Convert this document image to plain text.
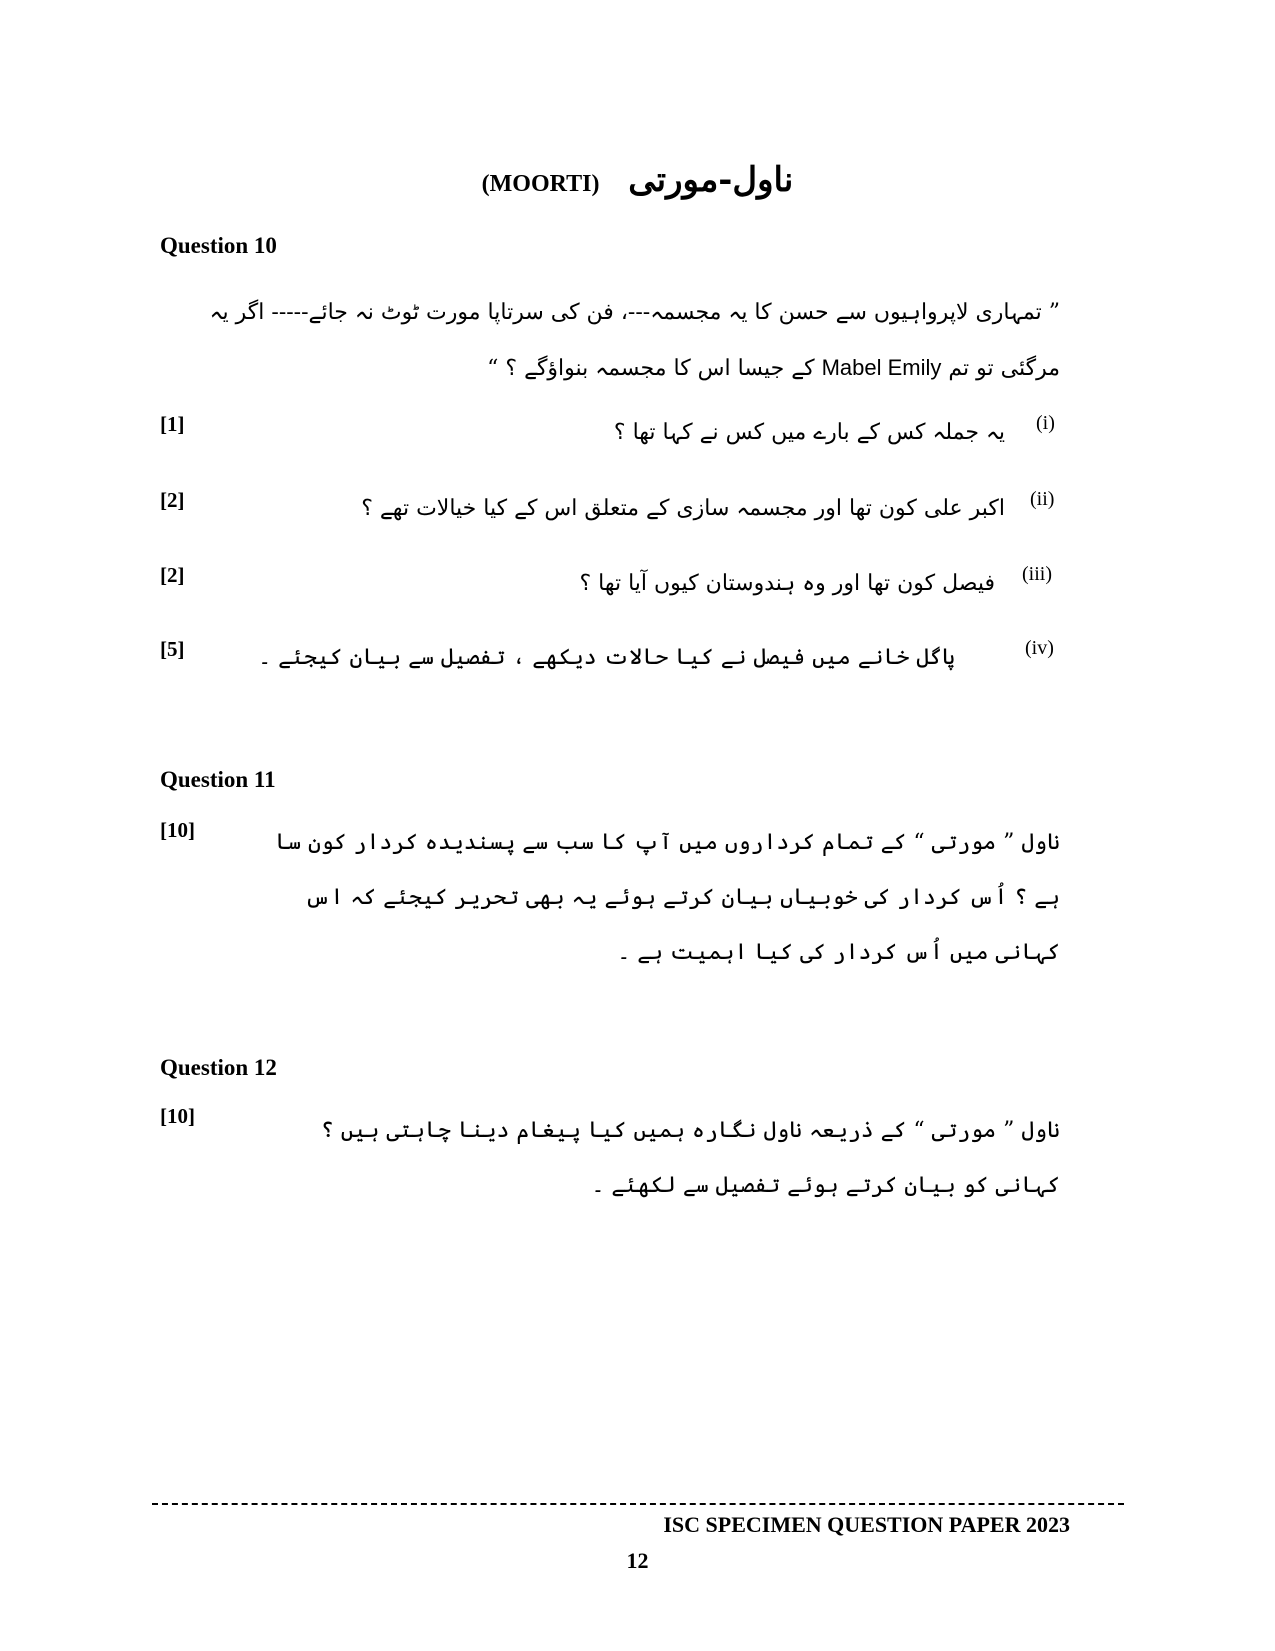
(MOORTI) ناول-مورتی
Question 10
” تمہاری لاپرواہیوں سے حسن کا یہ مجسمہ---، فن کی سرتاپا مورت ٹوٹ نہ جائے----- اگر یہ مرگئی تو تم Mabel Emily کے جیسا اس کا مجسمہ بنواؤگے ؟ “
[1]	یہ جملہ کس کے بارے میں کس نے کہا تھا ؟ (i)
[2]	اکبر علی کون تھا اور مجسمہ سازی کے متعلق اس کے کیا خیالات تھے ؟ (ii)
[2]	فیصل کون تھا اور وہ ہندوستان کیوں آیا تھا ؟ (iii)
[5]	پاگل خانے میں فیصل نے کیا حالات دیکھے ، تفصیل سے بیان کیجئے ۔	(iv)
Question 11
[10]	ناول ” مورتی “ کے تمام کرداروں میں آپ کا سب سے پسندیدہ کردار کون سا ہے ؟ اُس کردار کی خوبیاں بیان کرتے ہوئے یہ بھی تحریر کیجئے کہ اس کہانی میں اُس کردار کی کیا اہمیت ہے ۔
Question 12
[10]
ناول ” مورتی “ کے ذریعہ ناول نگارہ ہمیں کیا پیغام دینا چاہتی ہیں ؟ کہانی کو بیان کرتے ہوئے تفصیل سے لکھئے ۔
ISC SPECIMEN QUESTION PAPER 2023
12
